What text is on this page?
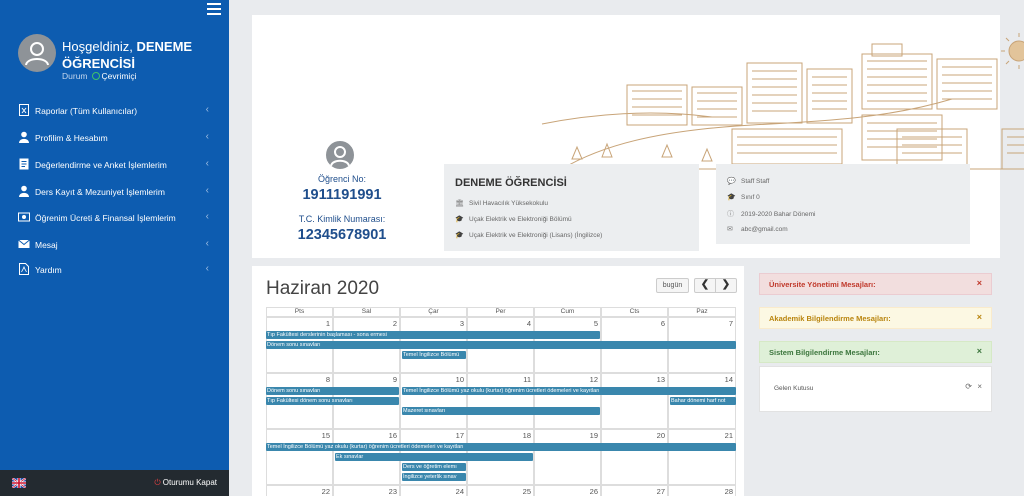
Hoşgeldiniz, DENEME ÖĞRENCİSİ
Durum Çevrimiçi
Raporlar (Tüm Kullanıcılar)	‹
Profilim & Hesabım	‹
Değerlendirme ve Anket İşlemlerim	‹
Ders Kayıt & Mezuniyet İşlemlerim	‹
Öğrenim Ücreti & Finansal İşlemlerim	‹
Mesaj	‹
Yardım	‹
⏻ Oturumu Kapat
Öğrenci No:
1911191991
T.C. Kimlik Numarası:
12345678901
DENEME ÖĞRENCİSİ
🏛 Sivil Havacılık Yüksekokulu
🎓 Uçak Elektrik ve Elektroniği Bölümü
🎓 Uçak Elektrik ve Elektroniği (Lisans) (İngilizce)
💬 Staff Staff
🎓 Sınıf 0
ⓘ 2019-2020 Bahar Dönemi
✉ abc@gmail.com
Haziran 2020	bugün	❮	❯
Pts	Sal	Çar	Per	Cum	Cts	Paz
1	2	3	4	5	6	7
8	9	10	11	12	13	14
15	16	17	18	19	20	21
22	23	24	25	26	27	28
Tıp Fakültesi derslerinin başlaması - sona ermesi
Dönem sonu sınavları
Temel İngilizce Bölümü
Dönem sonu sınavları	Temel İngilizce Bölümü yaz okulu (kurtar) öğrenim ücretleri ödemeleri ve kayıtları
Tıp Fakültesi dönem sonu sınavları
Mazeret sınavları
Bahar dönemi harf not
Temel İngilizce Bölümü yaz okulu (kurtar) öğrenim ücretleri ödemeleri ve kayıtları
Ek sınavlar
Ders ve öğretim elemı
İngilizce yeterlik sınav
Üniversite Yönetimi Mesajları:	×
Akademik Bilgilendirme Mesajları:	×
Sistem Bilgilendirme Mesajları:	×
Gelen Kutusu	⟳ ×
